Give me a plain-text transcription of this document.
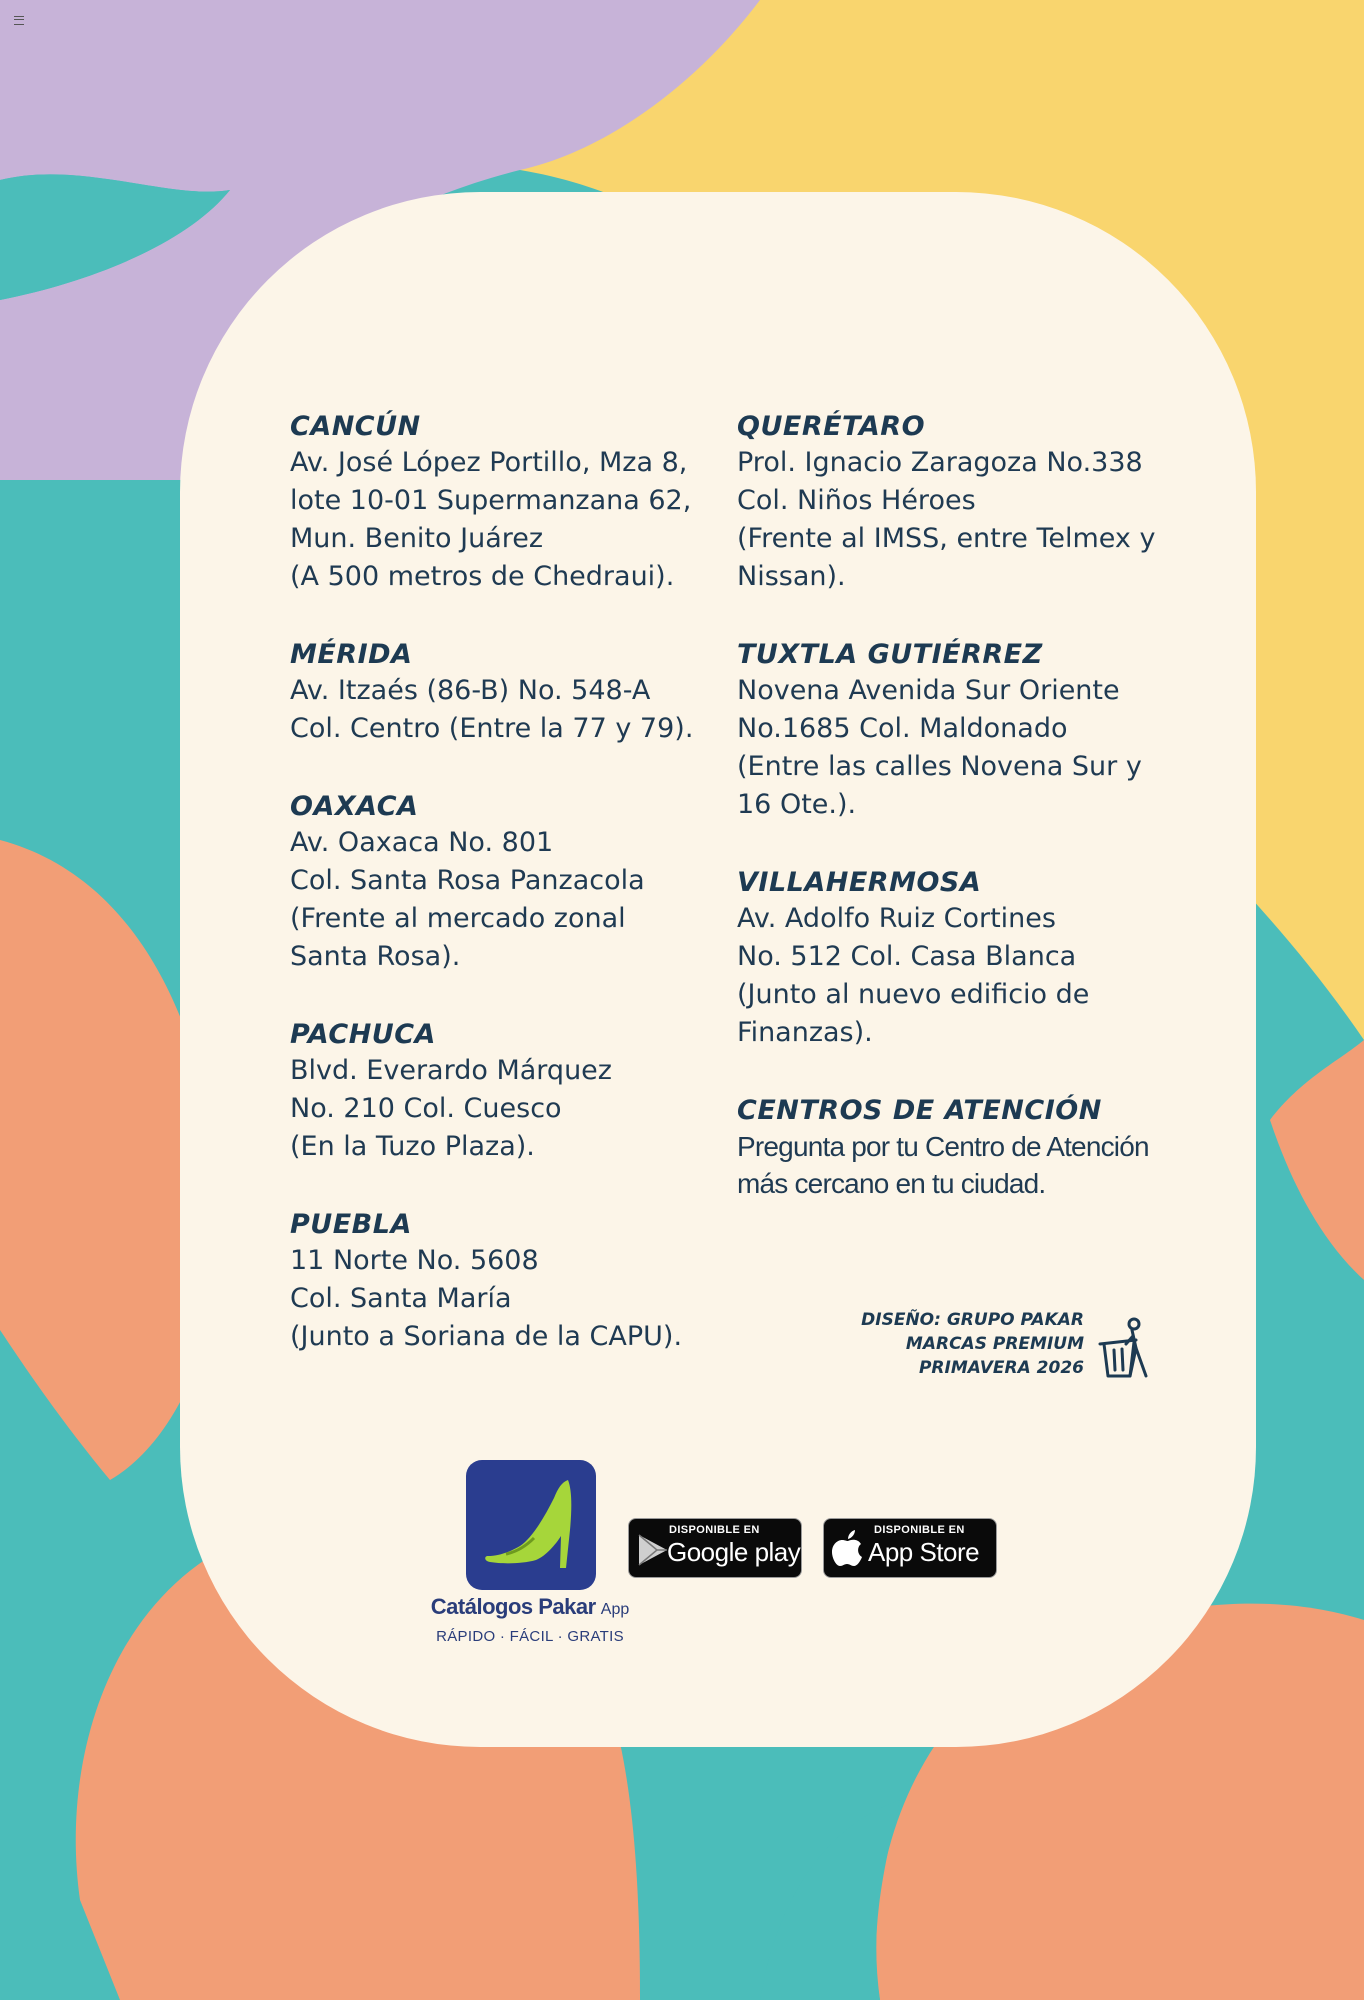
CANCÚN
Av. José López Portillo, Mza 8,
lote 10-01 Supermanzana 62,
Mun. Benito Juárez
(A 500 metros de Chedraui).
MÉRIDA
Av. Itzaés (86-B) No. 548-A
Col. Centro (Entre la 77 y 79).
OAXACA
Av. Oaxaca No. 801
Col. Santa Rosa Panzacola
(Frente al mercado zonal
Santa Rosa).
PACHUCA
Blvd. Everardo Márquez
No. 210 Col. Cuesco
(En la Tuzo Plaza).
PUEBLA
11 Norte No. 5608
Col. Santa María
(Junto a Soriana de la CAPU).
QUERÉTARO
Prol. Ignacio Zaragoza No.338
Col. Niños Héroes
(Frente al IMSS, entre Telmex y
Nissan).
TUXTLA GUTIÉRREZ
Novena Avenida Sur Oriente
No.1685 Col. Maldonado
(Entre las calles Novena Sur y
16 Ote.).
VILLAHERMOSA
Av. Adolfo Ruiz Cortines
No. 512 Col. Casa Blanca
(Junto al nuevo edificio de
Finanzas).
CENTROS DE ATENCIÓN
Pregunta por tu Centro de Atención
más cercano en tu ciudad.
DISEÑO: GRUPO PAKAR
MARCAS PREMIUM
PRIMAVERA 2026
Catálogos Pakar App
RÁPIDO · FÁCIL · GRATIS
DISPONIBLE EN
Google play
DISPONIBLE EN
App Store
